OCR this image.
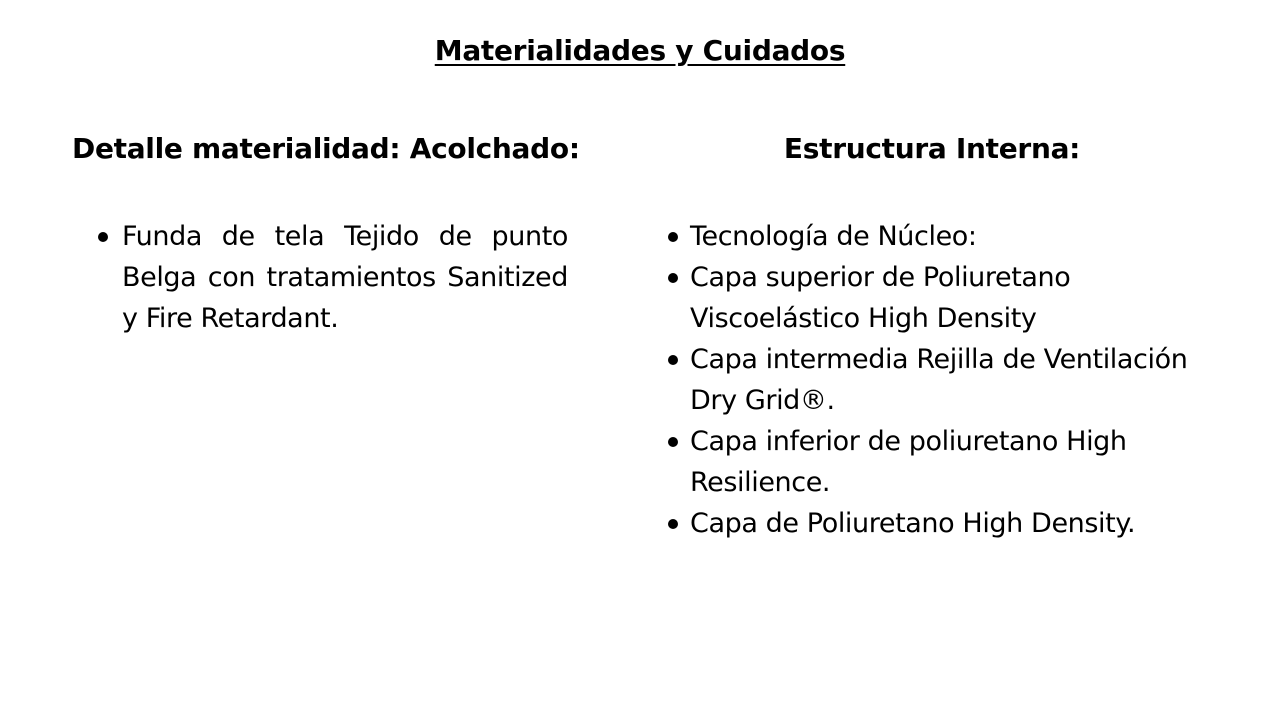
Materialidades y Cuidados
Detalle materialidad: Acolchado:
Funda de tela Tejido de punto Belga con tratamientos Sanitized y Fire Retardant.
Estructura Interna:
Tecnología de Núcleo:
Capa superior de Poliuretano Viscoelástico High Density
Capa intermedia Rejilla de Ventilación Dry Grid®.
Capa inferior de poliuretano High Resilience.
Capa de Poliuretano High Density.
